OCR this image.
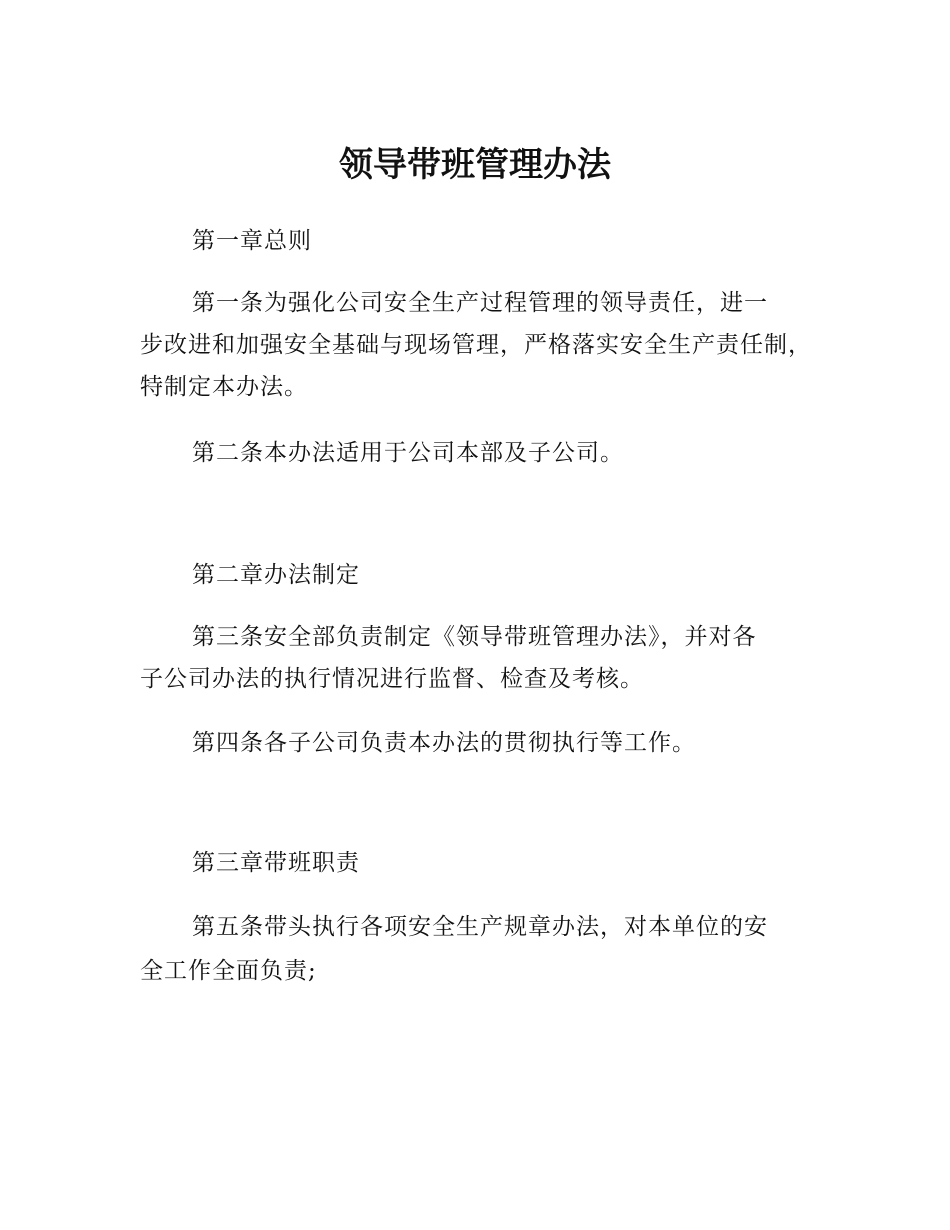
领导带班管理办法

第一章总则

第一条为强化公司安全生产过程管理的领导责任，进一

步改进和加强安全基础与现场管理，严格落实安全生产责任制，

特制定本办法。

第二条本办法适用于公司本部及子公司。

第二章办法制定

第三条安全部负责制定《领导带班管理办法》，并对各

子公司办法的执行情况进行监督、检查及考核。

第四条各子公司负责本办法的贯彻执行等工作。

第三章带班职责

第五条带头执行各项安全生产规章办法，对本单位的安

全工作全面负责;
